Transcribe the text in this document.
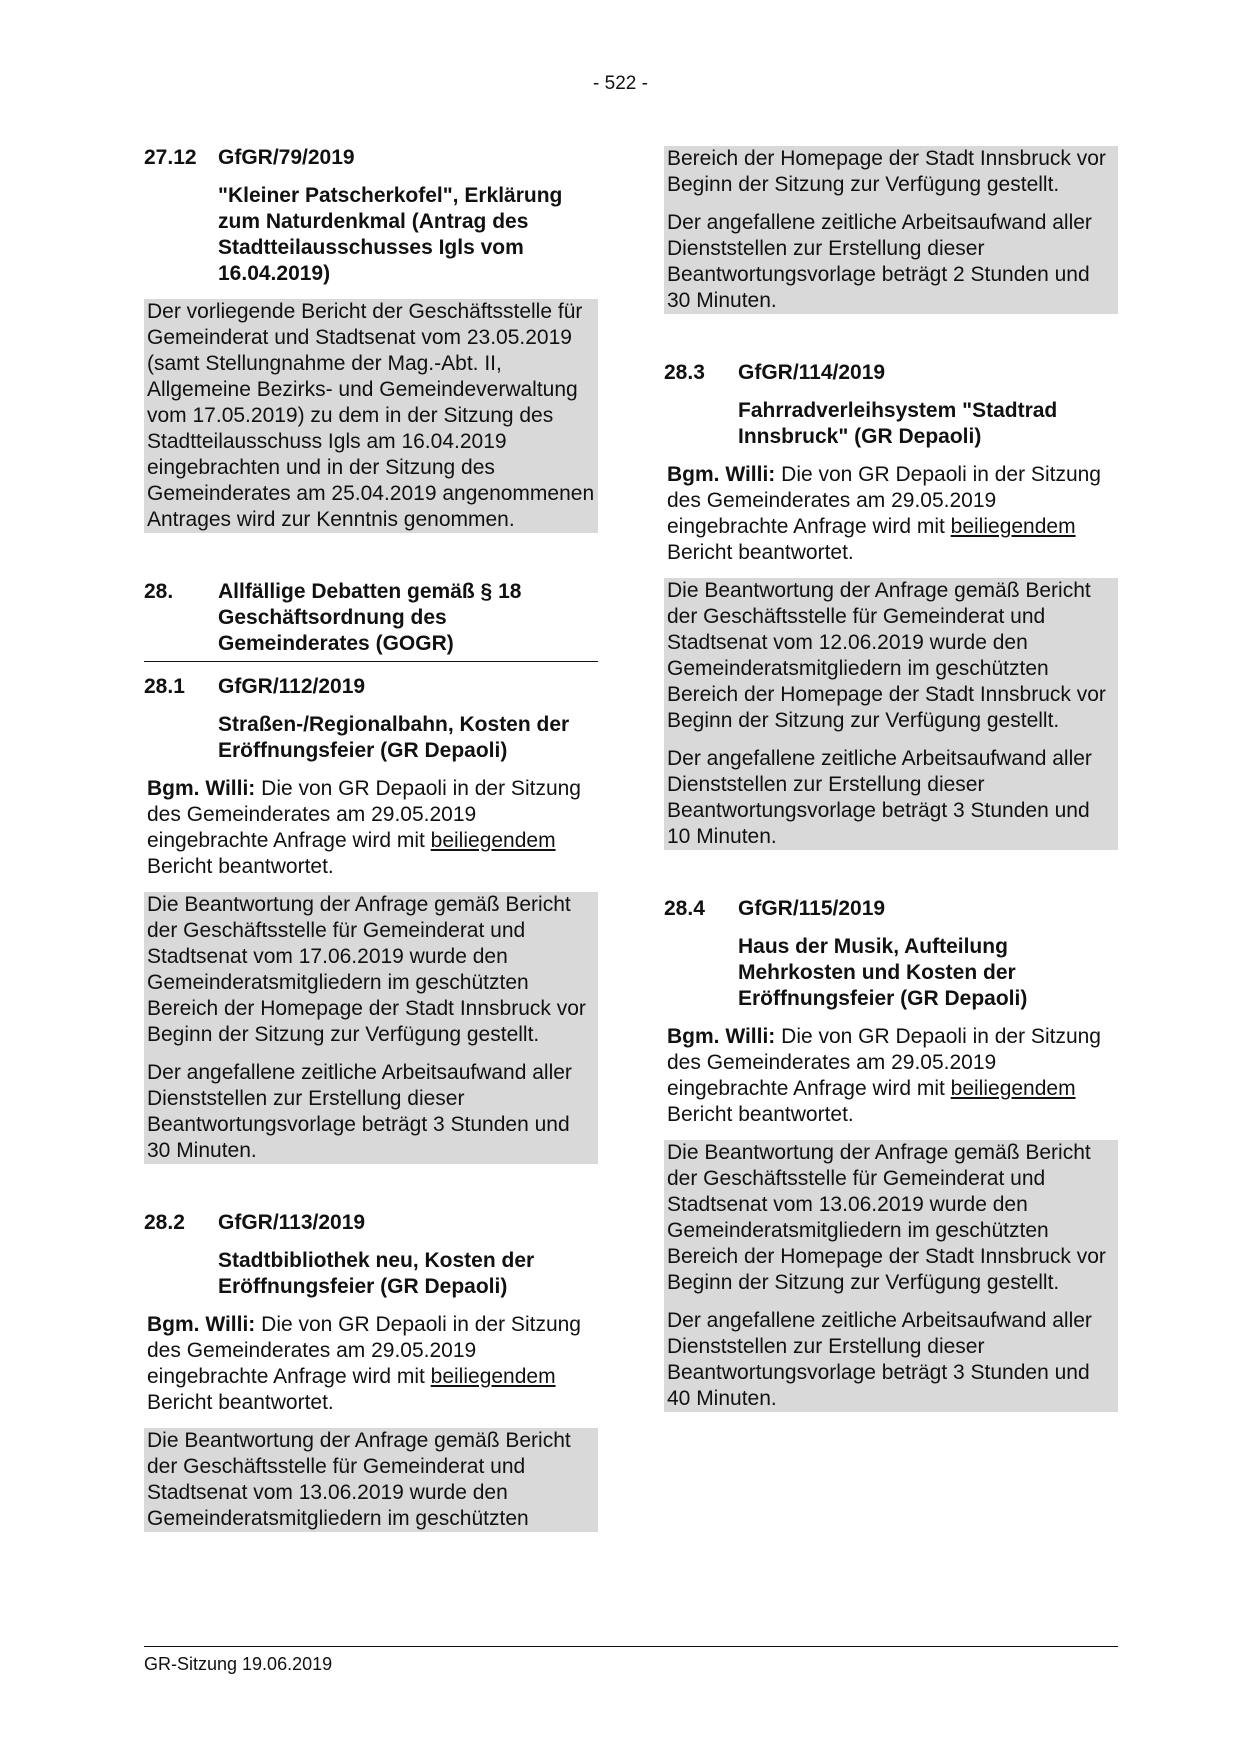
- 522 -
27.12	GfGR/79/2019
"Kleiner Patscherkofel", Erklärung zum Naturdenkmal (Antrag des Stadtteilausschusses Igls vom 16.04.2019)
Der vorliegende Bericht der Geschäftsstelle für Gemeinderat und Stadtsenat vom 23.05.2019 (samt Stellungnahme der Mag.-Abt. II, Allgemeine Bezirks- und Gemeindeverwaltung vom 17.05.2019) zu dem in der Sitzung des Stadtteilausschuss Igls am 16.04.2019 eingebrachten und in der Sitzung des Gemeinderates am 25.04.2019 angenommenen Antrages wird zur Kenntnis genommen.
28.	Allfällige Debatten gemäß § 18 Geschäftsordnung des Gemeinderates (GOGR)
28.1	GfGR/112/2019
Straßen-/Regionalbahn, Kosten der Eröffnungsfeier (GR Depaoli)
Bgm. Willi: Die von GR Depaoli in der Sitzung des Gemeinderates am 29.05.2019 eingebrachte Anfrage wird mit beiliegendem Bericht beantwortet.
Die Beantwortung der Anfrage gemäß Bericht der Geschäftsstelle für Gemeinderat und Stadtsenat vom 17.06.2019 wurde den Gemeinderatsmitgliedern im geschützten Bereich der Homepage der Stadt Innsbruck vor Beginn der Sitzung zur Verfügung gestellt.
Der angefallene zeitliche Arbeitsaufwand aller Dienststellen zur Erstellung dieser Beantwortungsvorlage beträgt 3 Stunden und 30 Minuten.
28.2	GfGR/113/2019
Stadtbibliothek neu, Kosten der Eröffnungsfeier (GR Depaoli)
Bgm. Willi: Die von GR Depaoli in der Sitzung des Gemeinderates am 29.05.2019 eingebrachte Anfrage wird mit beiliegendem Bericht beantwortet.
Die Beantwortung der Anfrage gemäß Bericht der Geschäftsstelle für Gemeinderat und Stadtsenat vom 13.06.2019 wurde den Gemeinderatsmitgliedern im geschützten
Bereich der Homepage der Stadt Innsbruck vor Beginn der Sitzung zur Verfügung gestellt.
Der angefallene zeitliche Arbeitsaufwand aller Dienststellen zur Erstellung dieser Beantwortungsvorlage beträgt 2 Stunden und 30 Minuten.
28.3	GfGR/114/2019
Fahrradverleihsystem "Stadtrad Innsbruck" (GR Depaoli)
Bgm. Willi: Die von GR Depaoli in der Sitzung des Gemeinderates am 29.05.2019 eingebrachte Anfrage wird mit beiliegendem Bericht beantwortet.
Die Beantwortung der Anfrage gemäß Bericht der Geschäftsstelle für Gemeinderat und Stadtsenat vom 12.06.2019 wurde den Gemeinderatsmitgliedern im geschützten Bereich der Homepage der Stadt Innsbruck vor Beginn der Sitzung zur Verfügung gestellt.
Der angefallene zeitliche Arbeitsaufwand aller Dienststellen zur Erstellung dieser Beantwortungsvorlage beträgt 3 Stunden und 10 Minuten.
28.4	GfGR/115/2019
Haus der Musik, Aufteilung Mehrkosten und Kosten der Eröffnungsfeier (GR Depaoli)
Bgm. Willi: Die von GR Depaoli in der Sitzung des Gemeinderates am 29.05.2019 eingebrachte Anfrage wird mit beiliegendem Bericht beantwortet.
Die Beantwortung der Anfrage gemäß Bericht der Geschäftsstelle für Gemeinderat und Stadtsenat vom 13.06.2019 wurde den Gemeinderatsmitgliedern im geschützten Bereich der Homepage der Stadt Innsbruck vor Beginn der Sitzung zur Verfügung gestellt.
Der angefallene zeitliche Arbeitsaufwand aller Dienststellen zur Erstellung dieser Beantwortungsvorlage beträgt 3 Stunden und 40 Minuten.
GR-Sitzung 19.06.2019
